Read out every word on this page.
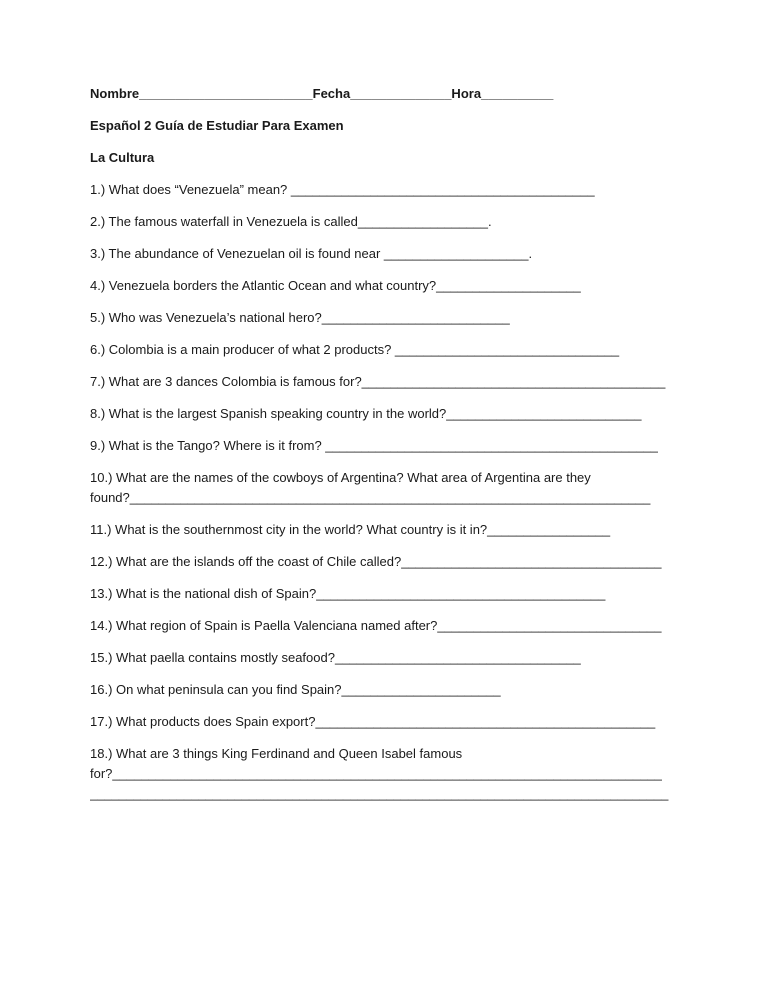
Nombre________________________Fecha______________Hora__________

Español 2 Guía de Estudiar Para Examen

La Cultura

1.) What does “Venezuela” mean? __________________________________________

2.) The famous waterfall in Venezuela is called__________________.

3.) The abundance of Venezuelan oil is found near ____________________.

4.) Venezuela borders the Atlantic Ocean and what country?____________________

5.) Who was Venezuela’s national hero?__________________________

6.) Colombia is a main producer of what 2 products? _______________________________

7.) What are 3 dances Colombia is famous for?__________________________________________

8.) What is the largest Spanish speaking country in the world?___________________________

9.) What is the Tango? Where is it from? ______________________________________________

10.) What are the names of the cowboys of Argentina? What area of Argentina are they
found?________________________________________________________________________

11.) What is the southernmost city in the world? What country is it in?_________________

12.) What are the islands off the coast of Chile called?____________________________________

13.) What is the national dish of Spain?________________________________________

14.) What region of Spain is Paella Valenciana named after?_______________________________

15.) What paella contains mostly seafood?__________________________________

16.) On what peninsula can you find Spain?______________________

17.) What products does Spain export?_______________________________________________

18.) What are 3 things King Ferdinand and Queen Isabel famous
for?____________________________________________________________________________
________________________________________________________________________________
